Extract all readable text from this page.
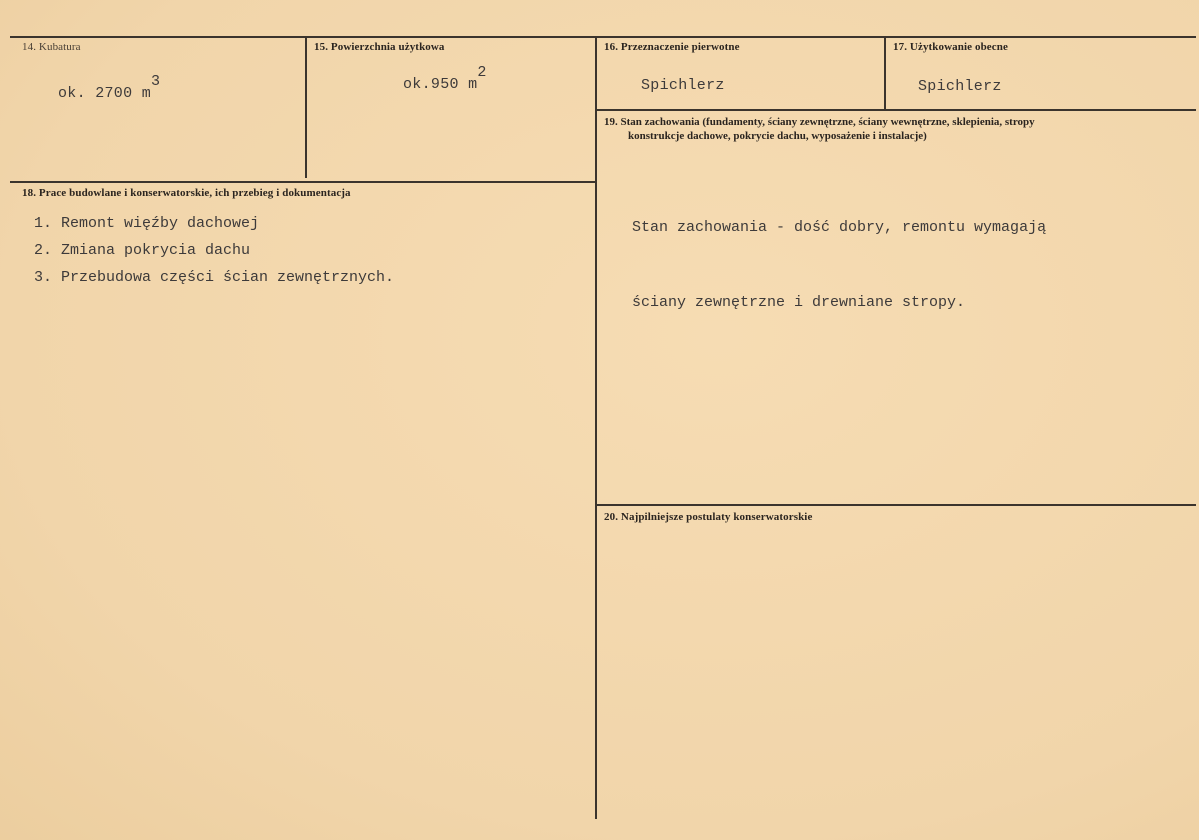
14. Kubatura
ok. 2700 m3
15. Powierzchnia użytkowa
ok.950 m2
16. Przeznaczenie pierwotne
Spichlerz
17. Użytkowanie obecne
Spichlerz
18. Prace budowlane i konserwatorskie, ich przebieg i dokumentacja
1. Remont więźby dachowej
2. Zmiana pokrycia dachu
3. Przebudowa części ścian zewnętrznych.
19. Stan zachowania (fundamenty, ściany zewnętrzne, ściany wewnętrzne, sklepienia, stropy
konstrukcje dachowe, pokrycie dachu, wyposażenie i instalacje)

Stan zachowania - dość dobry, remontu wymagają

ściany zewnętrzne i drewniane stropy.

20. Najpilniejsze postulaty konserwatorskie
